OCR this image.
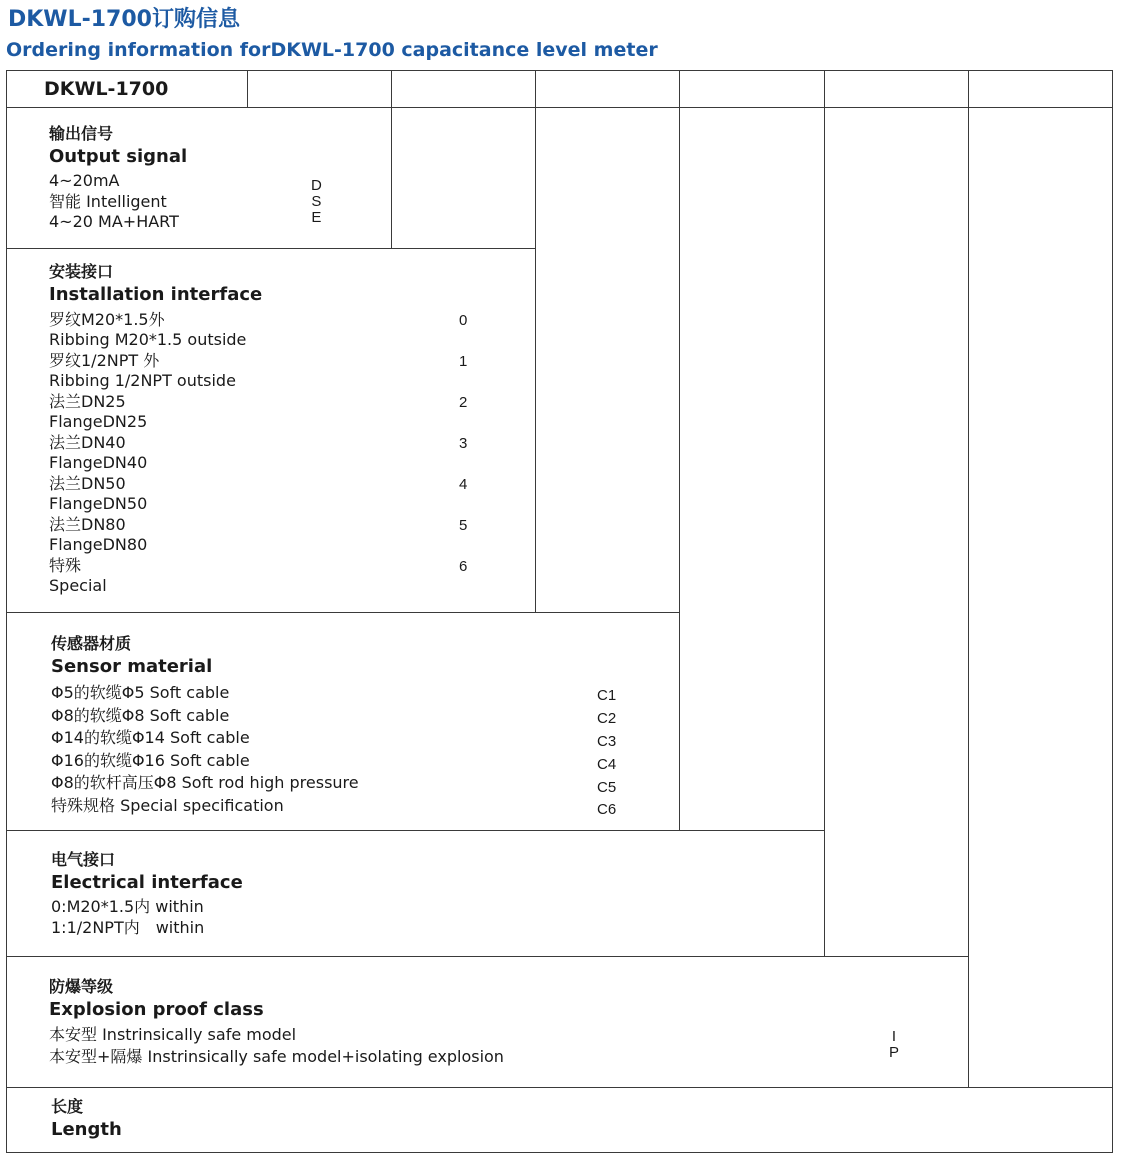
DKWL-1700订购信息
Ordering information forDKWL-1700 capacitance level meter
DKWL-1700
输出信号
Output signal
4~20mA
智能 Intelligent
4~20 MA+HART
D
S
E
安装接口
Installation interface
罗纹M20*1.5外
Ribbing M20*1.5 outside
罗纹1/2NPT 外
Ribbing 1/2NPT outside
法兰DN25
FlangeDN25
法兰DN40
FlangeDN40
法兰DN50
FlangeDN50
法兰DN80
FlangeDN80
特殊
Special
0
1
2
3
4
5
6
传感器材质
Sensor material
Φ5的软缆Φ5 Soft cable
Φ8的软缆Φ8 Soft cable
Φ14的软缆Φ14 Soft cable
Φ16的软缆Φ16 Soft cable
Φ8的软杆高压Φ8 Soft rod high pressure
特殊规格 Special specification
C1
C2
C3
C4
C5
C6
电气接口
Electrical interface
0:M20*1.5内 within
1:1/2NPT内　within
防爆等级
Explosion proof class
本安型 Instrinsically safe model
本安型+隔爆 Instrinsically safe model+isolating explosion
I
P
长度
Length
